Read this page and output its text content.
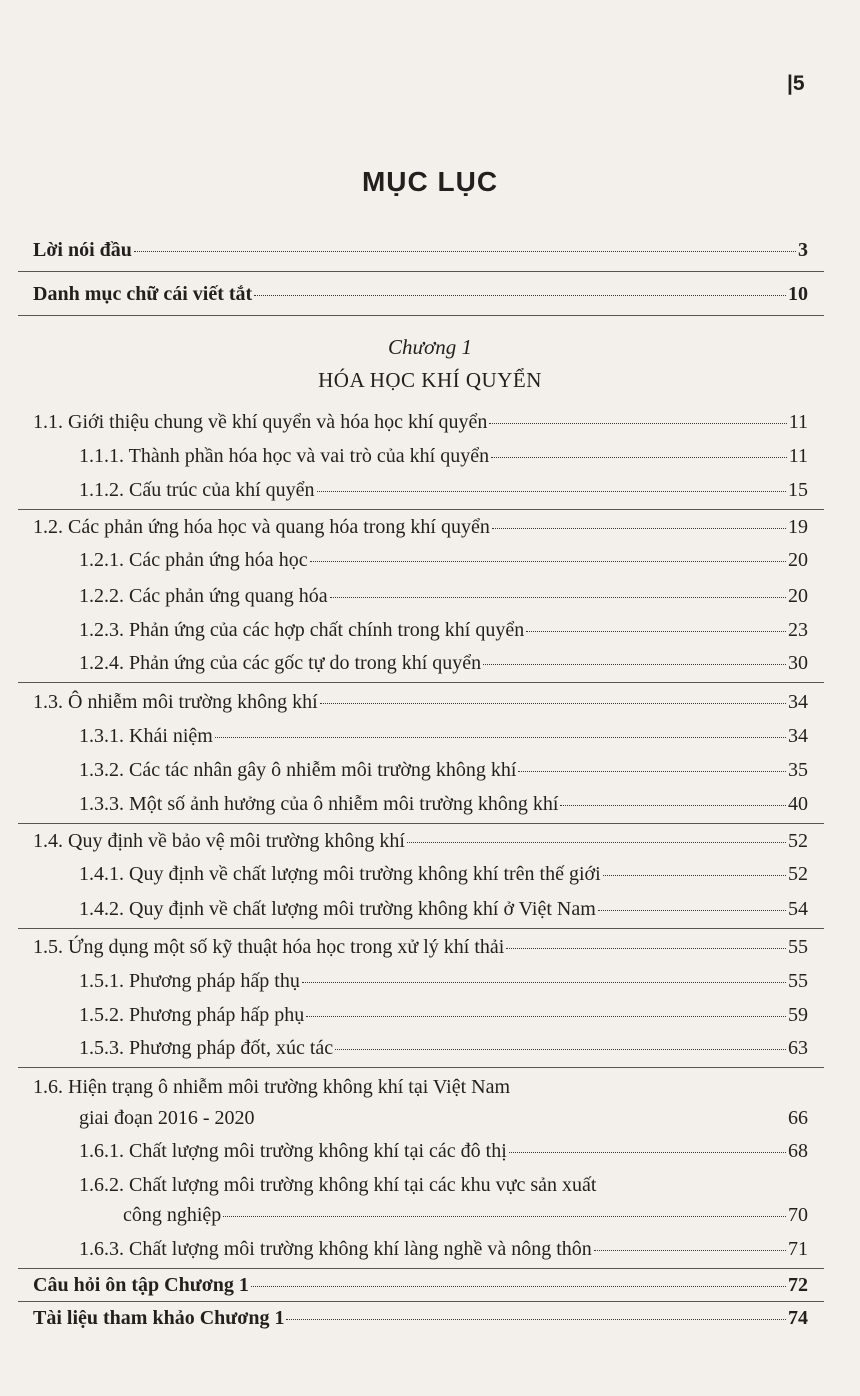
|5
MỤC LỤC
Lời nói đầu	3
Danh mục chữ cái viết tắt	10
Chương 1
HÓA HỌC KHÍ QUYỂN
1.1. Giới thiệu chung về khí quyển và hóa học khí quyển	11
1.1.1. Thành phần hóa học và vai trò của khí quyển	11
1.1.2. Cấu trúc của khí quyển	15
1.2. Các phản ứng hóa học và quang hóa trong khí quyển	19
1.2.1. Các phản ứng hóa học	20
1.2.2. Các phản ứng quang hóa	20
1.2.3. Phản ứng của các hợp chất chính trong khí quyển	23
1.2.4. Phản ứng của các gốc tự do trong khí quyển	30
1.3. Ô nhiễm môi trường không khí	34
1.3.1. Khái niệm	34
1.3.2. Các tác nhân gây ô nhiễm môi trường không khí	35
1.3.3. Một số ảnh hưởng của ô nhiễm môi trường không khí	40
1.4. Quy định về bảo vệ môi trường không khí	52
1.4.1. Quy định về chất lượng môi trường không khí trên thế giới	52
1.4.2. Quy định về chất lượng môi trường không khí ở Việt Nam	54
1.5. Ứng dụng một số kỹ thuật hóa học trong xử lý khí thải	55
1.5.1. Phương pháp hấp thụ	55
1.5.2. Phương pháp hấp phụ	59
1.5.3. Phương pháp đốt, xúc tác	63
1.6. Hiện trạng ô nhiễm môi trường không khí tại Việt Nam
giai đoạn 2016 - 2020	66
1.6.1. Chất lượng môi trường không khí tại các đô thị	68
1.6.2. Chất lượng môi trường không khí tại các khu vực sản xuất
công nghiệp	70
1.6.3. Chất lượng môi trường không khí làng nghề và nông thôn	71
Câu hỏi ôn tập Chương 1	72
Tài liệu tham khảo Chương 1	74
